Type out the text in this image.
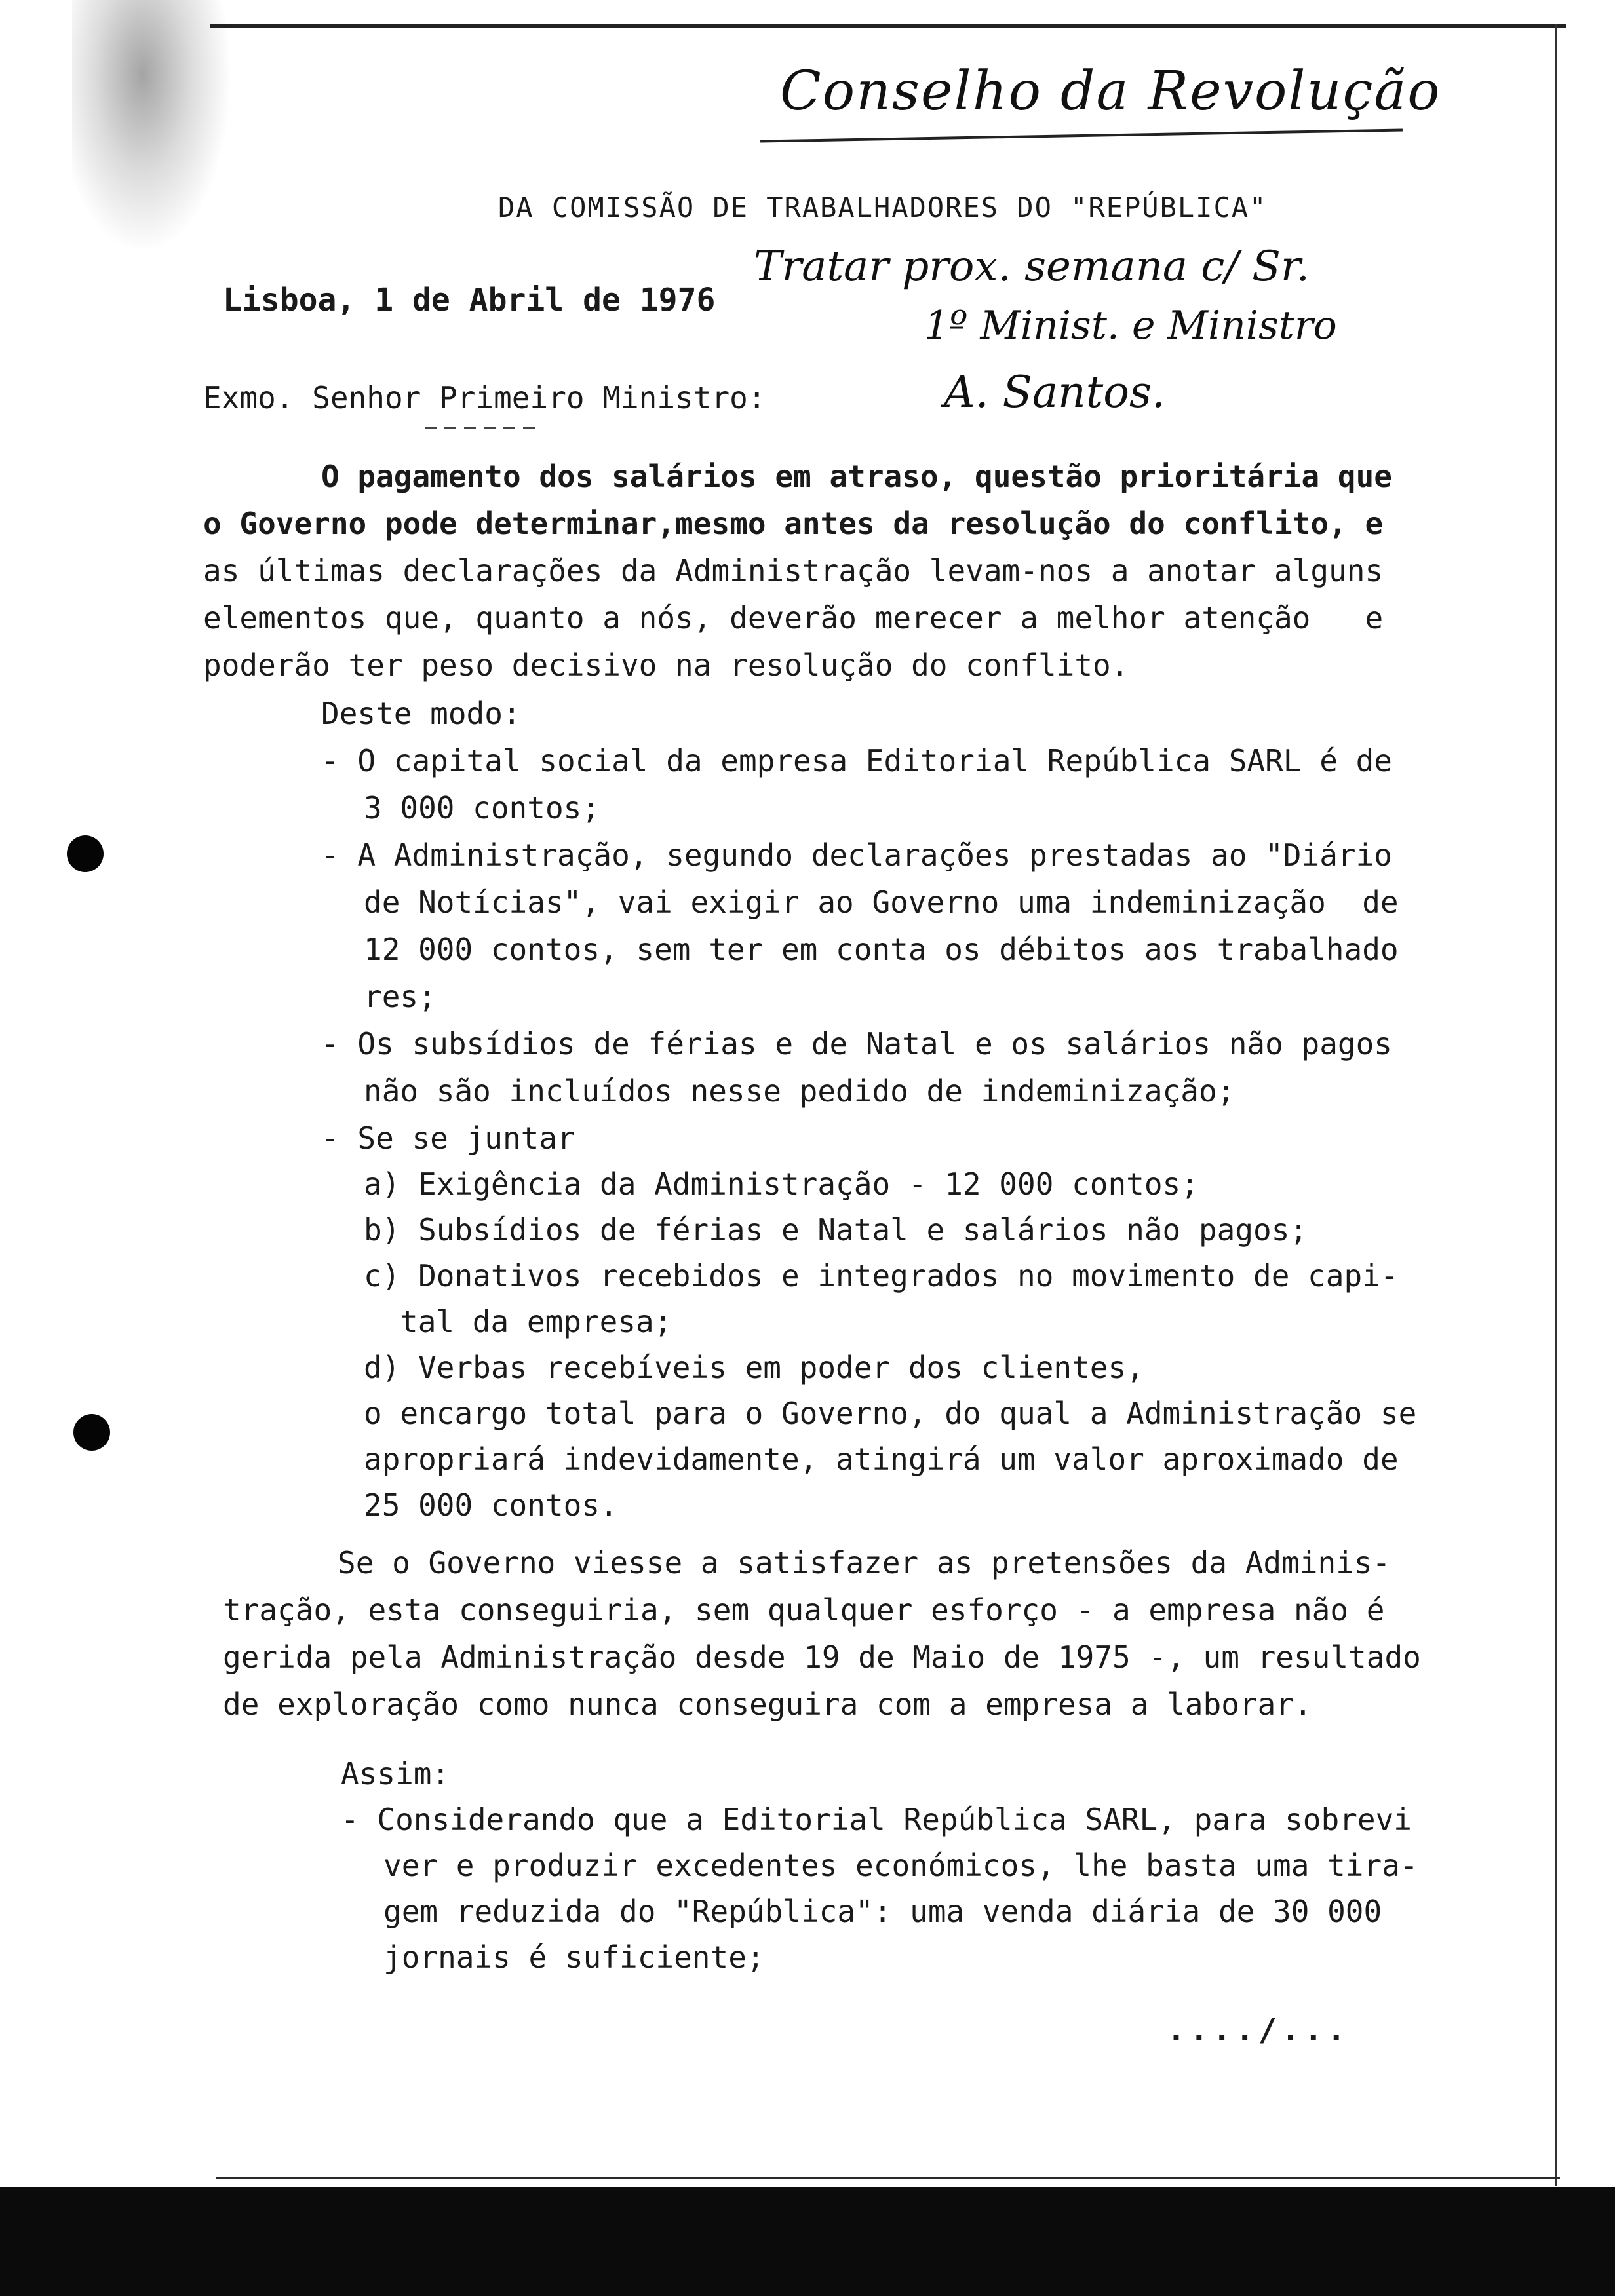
Conselho da Revolução
Tratar prox. semana c/ Sr.
1º Minist. e Ministro
A. Santos.
DA COMISSÃO DE TRABALHADORES DO "REPÚBLICA"
Lisboa, 1 de Abril de 1976
Exmo. Senhor Primeiro Ministro:
O pagamento dos salários em atraso, questão prioritária que
o Governo pode determinar,mesmo antes da resolução do conflito, e
as últimas declarações da Administração levam-nos a anotar alguns
elementos que, quanto a nós, deverão merecer a melhor atenção   e
poderão ter peso decisivo na resolução do conflito.
Deste modo:
- O capital social da empresa Editorial República SARL é de
3 000 contos;
- A Administração, segundo declarações prestadas ao "Diário
de Notícias", vai exigir ao Governo uma indeminização  de
12 000 contos, sem ter em conta os débitos aos trabalhado
res;
- Os subsídios de férias e de Natal e os salários não pagos
não são incluídos nesse pedido de indeminização;
- Se se juntar
a) Exigência da Administração - 12 000 contos;
b) Subsídios de férias e Natal e salários não pagos;
c) Donativos recebidos e integrados no movimento de capi-
tal da empresa;
d) Verbas recebíveis em poder dos clientes,
o encargo total para o Governo, do qual a Administração se
apropriará indevidamente, atingirá um valor aproximado de
25 000 contos.
Se o Governo viesse a satisfazer as pretensões da Adminis-
tração, esta conseguiria, sem qualquer esforço - a empresa não é
gerida pela Administração desde 19 de Maio de 1975 -, um resultado
de exploração como nunca conseguira com a empresa a laborar.
Assim:
- Considerando que a Editorial República SARL, para sobrevi
ver e produzir excedentes económicos, lhe basta uma tira-
gem reduzida do "República": uma venda diária de 30 000
jornais é suficiente;
..../...
